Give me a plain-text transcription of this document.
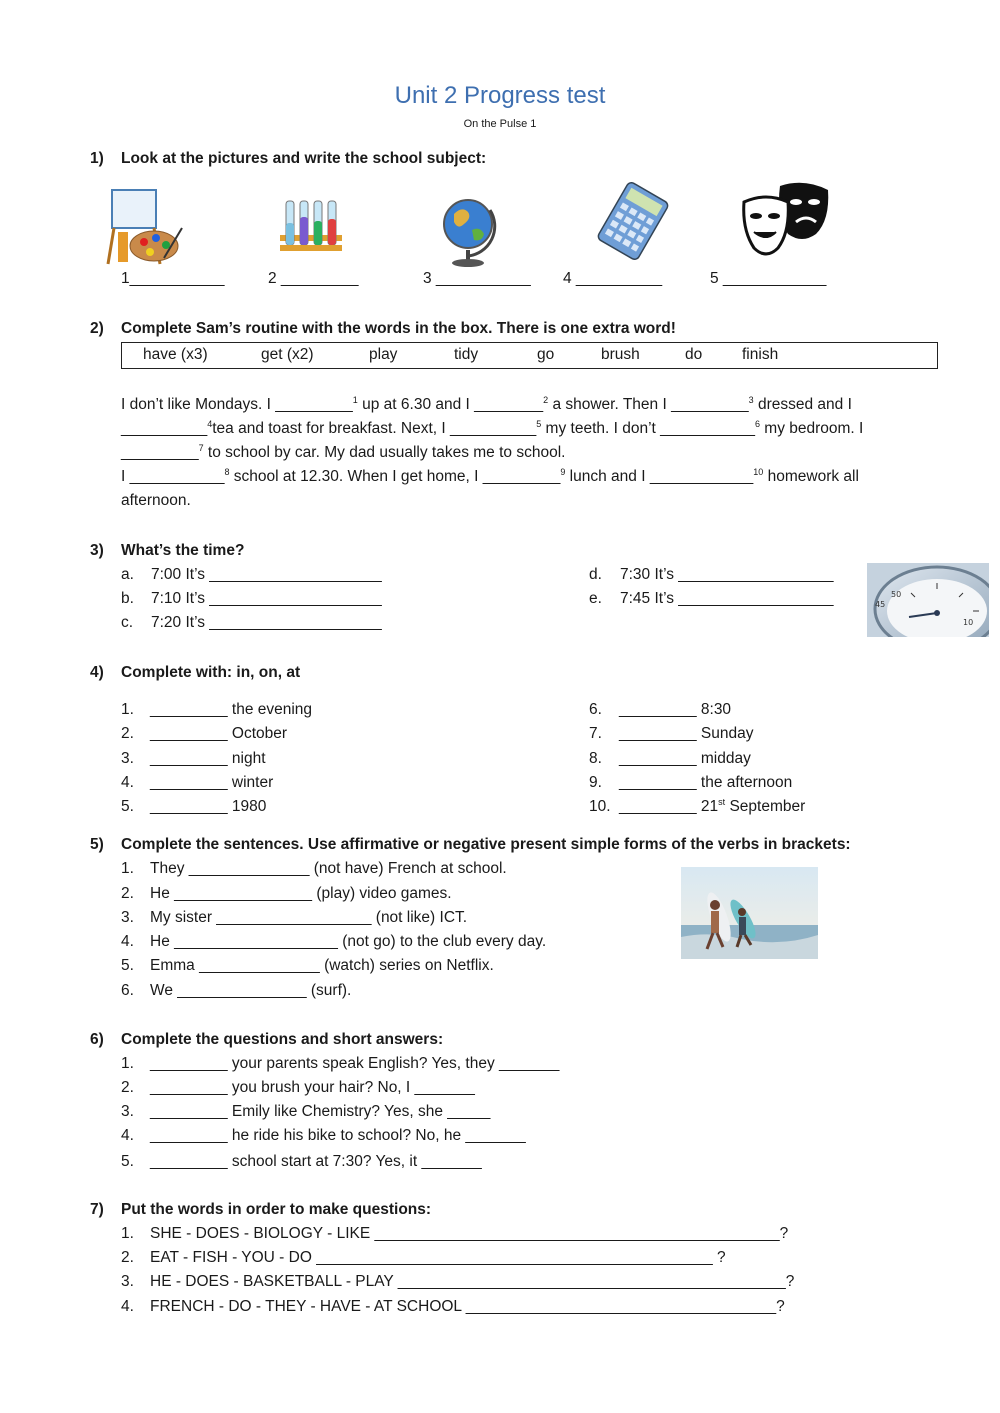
Unit 2 Progress test
On the Pulse 1
1) Look at the pictures and write the school subject:
1___________	2 _________	3 ___________ 4 __________	5 ____________
2) Complete Sam’s routine with the words in the box. There is one extra word!
have (x3)	get (x2)	play	tidy	go	brush	do	finish
I don’t like Mondays. I _________$^1$ up at 6.30 and I ________$^2$ a shower. Then I _________$^3$ dressed and I
__________$^4$tea and toast for breakfast. Next, I __________$^5$ my teeth. I don’t ___________$^6$ my bedroom. I
_________$^7$ to school by car. My dad usually takes me to school.
I ___________$^8$ school at 12.30. When I get home, I _________$^9$ lunch and I ____________$^{10}$ homework all
afternoon.
3) What’s the time?
a. 7:00 It’s ____________________
b. 7:10 It’s ____________________
c. 7:20 It’s ____________________
d. 7:30 It’s __________________
e. 7:45 It’s __________________	45
50
10
4) Complete with: in, on, at
1. _________ the evening
2. _________ October
3. _________ night
4. _________ winter
5. _________ 1980
6. _________ 8:30
7. _________ Sunday
8. _________ midday
9. _________ the afternoon
10. _________ 21st September
5) Complete the sentences. Use affirmative or negative present simple forms of the verbs in brackets:
1. They ______________ (not have) French at school.
2. He ________________ (play) video games.
3. My sister __________________ (not like) ICT.
4. He ___________________ (not go) to the club every day.
5. Emma ______________ (watch) series on Netflix.
6. We _______________ (surf).
6) Complete the questions and short answers:
1. _________ your parents speak English? Yes, they _______
2. _________ you brush your hair? No, I _______
3. _________ Emily like Chemistry? Yes, she _____
4. _________ he ride his bike to school? No, he _______
5. _________ school start at 7:30? Yes, it _______
7) Put the words in order to make questions:
1. SHE - DOES - BIOLOGY - LIKE _______________________________________________?
2. EAT - FISH - YOU - DO ______________________________________________ ?
3. HE - DOES - BASKETBALL - PLAY _____________________________________________?
4. FRENCH - DO - THEY - HAVE - AT SCHOOL ____________________________________?
